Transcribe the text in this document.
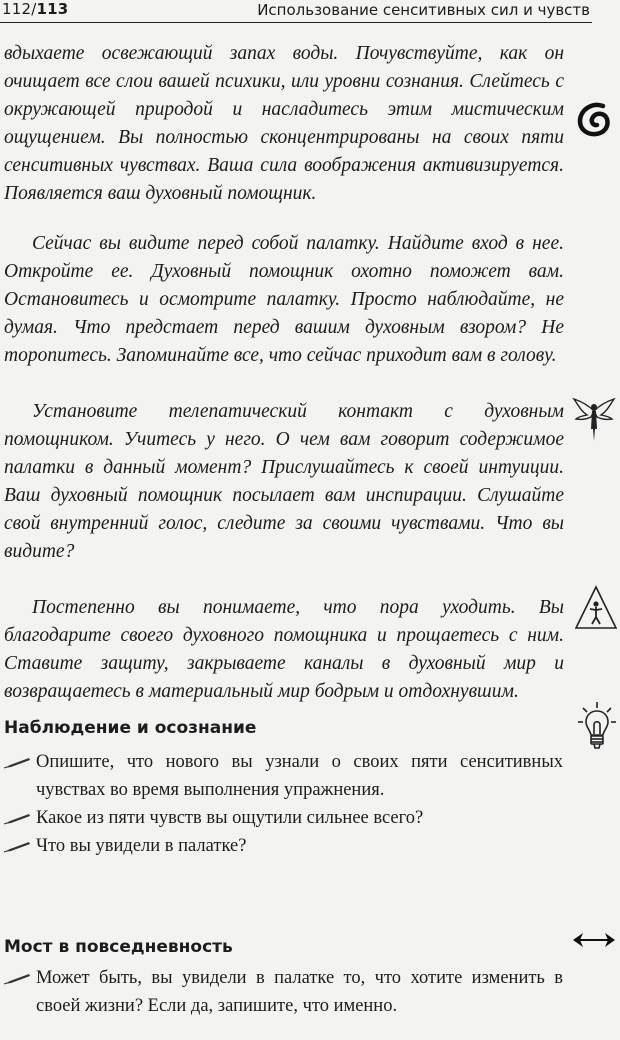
112/113	Использование сенситивных сил и чувств

вдыхаете освежающий запах воды. Почувствуйте, как он очищает все слои вашей психики, или уровни сознания. Слейтесь с окружающей природой и насладитесь этим мистическим ощущением. Вы полностью сконцентрированы на своих пяти сенситивных чувствах. Ваша сила воображения активизируется. Появляется ваш духовный помощник.

Сейчас вы видите перед собой палатку. Найдите вход в нее. Откройте ее. Духовный помощник охотно поможет вам. Остановитесь и осмотрите палатку. Просто наблюдайте, не думая. Что предстает перед вашим духовным взором? Не торопитесь. Запоминайте все, что сейчас приходит вам в голову.

Установите телепатический контакт с духовным помощником. Учитесь у него. О чем вам говорит содержимое палатки в данный момент? Прислушайтесь к своей интуиции. Ваш духовный помощник посылает вам инспирации. Слушайте свой внутренний голос, следите за своими чувствами. Что вы видите?

Постепенно вы понимаете, что пора уходить. Вы благодарите своего духовного помощника и прощаетесь с ним. Ставите защиту, закрываете каналы в духовный мир и возвращаетесь в материальный мир бодрым и отдохнувшим.

Наблюдение и осознание
Опишите, что нового вы узнали о своих пяти сенситивных чувствах во время выполнения упражнения.
Какое из пяти чувств вы ощутили сильнее всего?
Что вы увидели в палатке?
Мост в повседневность
Может быть, вы увидели в палатке то, что хотите изменить в своей жизни? Если да, запишите, что именно.
